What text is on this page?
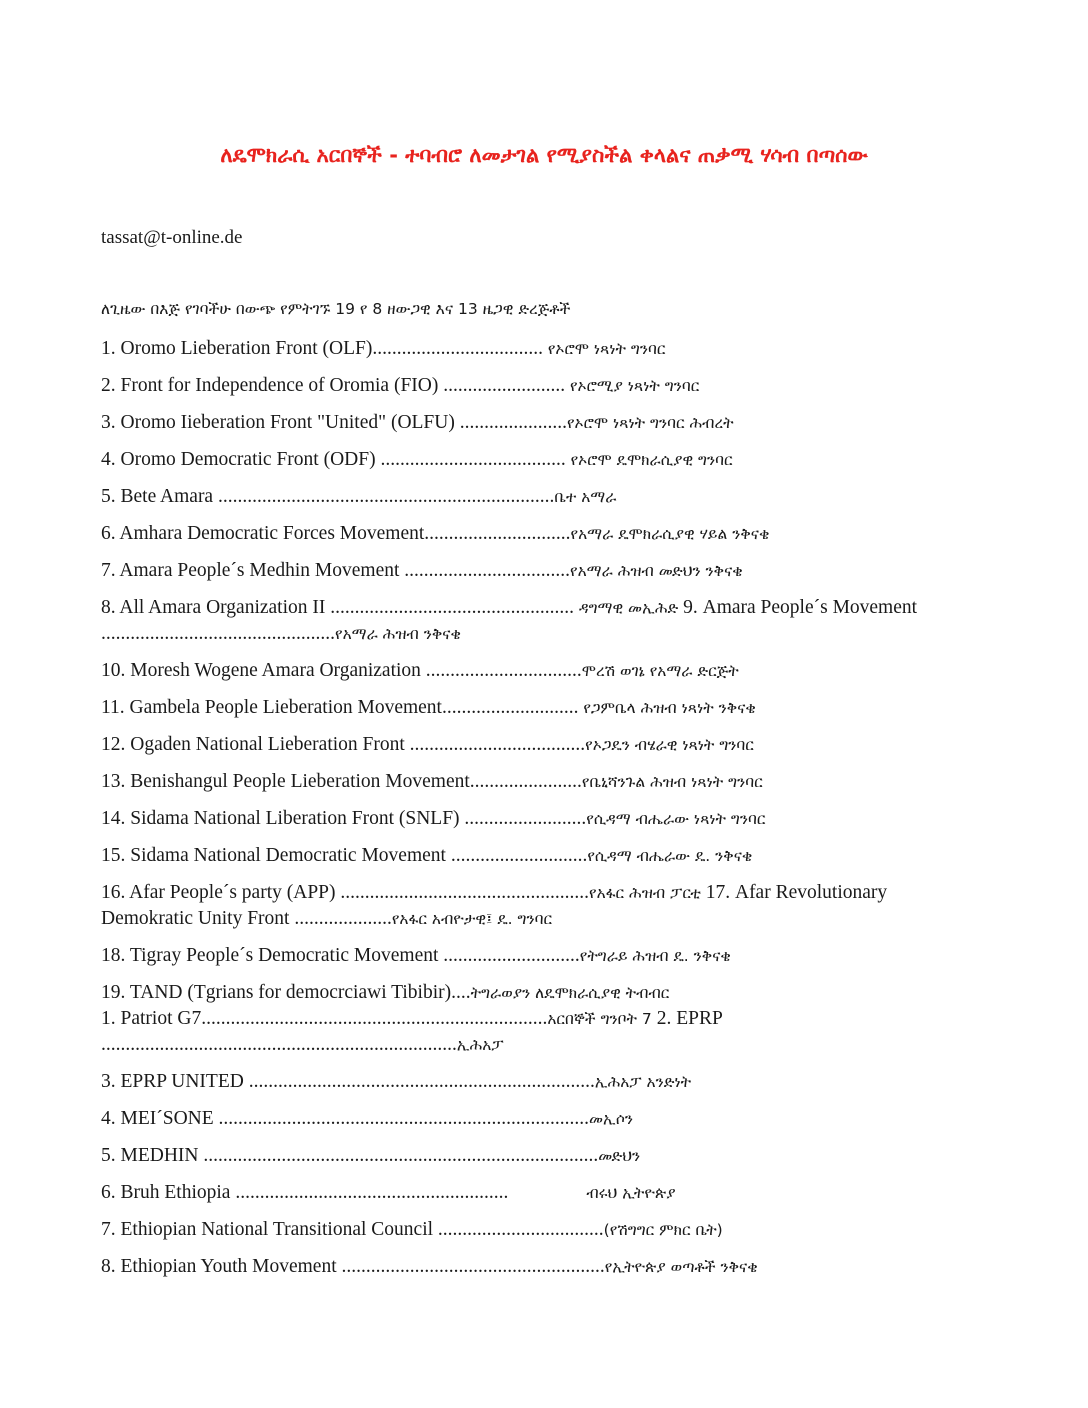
ለዴሞክራሲ አርበኞች - ተባብሮ ለመታገል የሚያስችል ቀላልና ጠቃሚ ሃሳብ በጣሰው
tassat@t-online.de
ለጊዜው በእጅ የገባችሁ በውጭ የምትገኙ 19 የ 8 ዘውጋዊ እና 13 ዜጋዊ ድረጅቶች
1. Oromo Lieberation Front (OLF)................................... የኦሮሞ ነጻነት ግንባር
2. Front for Independence of Oromia (FIO) ......................... የኦሮሚያ ነጻነት ግንባር
3. Oromo Iieberation Front "United" (OLFU) ......................የኦሮሞ ነጻነት ግንባር ሕብረት
4. Oromo Democratic Front (ODF) ...................................... የኦሮሞ ዴሞክራሲያዊ ግንባር
5. Bete Amara .....................................................................ቤተ አማራ
6. Amhara Democratic Forces Movement..............................የአማራ ዴሞክራሲያዊ ሃይል ንቅናቄ
7. Amara People´s Medhin Movement ..................................የአማራ ሕዝብ መድህን ንቅናቄ
8. All Amara Organization II .................................................. ዳግማዊ መኢሕድ 9. Amara People´s Movement ................................................የአማራ ሕዝብ ንቅናቄ
10. Moresh Wogene Amara Organization ................................ሞረሽ ወገኔ የአማራ ድርጅት
11. Gambela People Lieberation Movement............................ የጋምቤላ ሕዝብ ነጻነት ንቅናቄ
12. Ogaden National Lieberation Front ....................................የኦጋዴን ብሄራዊ ነጻነት ግንባር
13. Benishangul People Lieberation Movement.......................የቤኒሻንጉል ሕዝብ ነጻነት ግንባር
14. Sidama National Liberation Front (SNLF) .........................የሲዳማ ብሔራው ነጻነት ግንባር
15. Sidama National Democratic Movement ............................የሲዳማ ብሔራው ዴ. ንቅናቄ
16. Afar People´s party (APP) ...................................................የአፋር ሕዝብ ፓርቲ 17. Afar Revolutionary Demokratic Unity Front ....................የአፋር አብዮታዊ፤ ዴ. ግንባር
18. Tigray People´s Democratic Movement ............................የትግራይ ሕዝብ ዴ. ንቅናቄ
19. TAND (Tgrians for democrciawi Tibibir)....ትግራወያን ለዴሞክራሲያዊ ትብብር
1. Patriot G7.......................................................................አርበኞች ግንቦት 7 2. EPRP .........................................................................ኢሕአፓ
3. EPRP UNITED .......................................................................ኢሕአፓ አንድነት
4. MEI´SONE ............................................................................መኢሶን
5. MEDHIN .................................................................................መድህን
6. Bruh Ethiopia ........................................................                ብሩህ ኢትዮጵያ
7. Ethiopian National Transitional Council ..................................(የሽግግር ምክር ቤት)
8. Ethiopian Youth Movement ......................................................የኢትዮጵያ ወጣቶች ንቅናቄ
